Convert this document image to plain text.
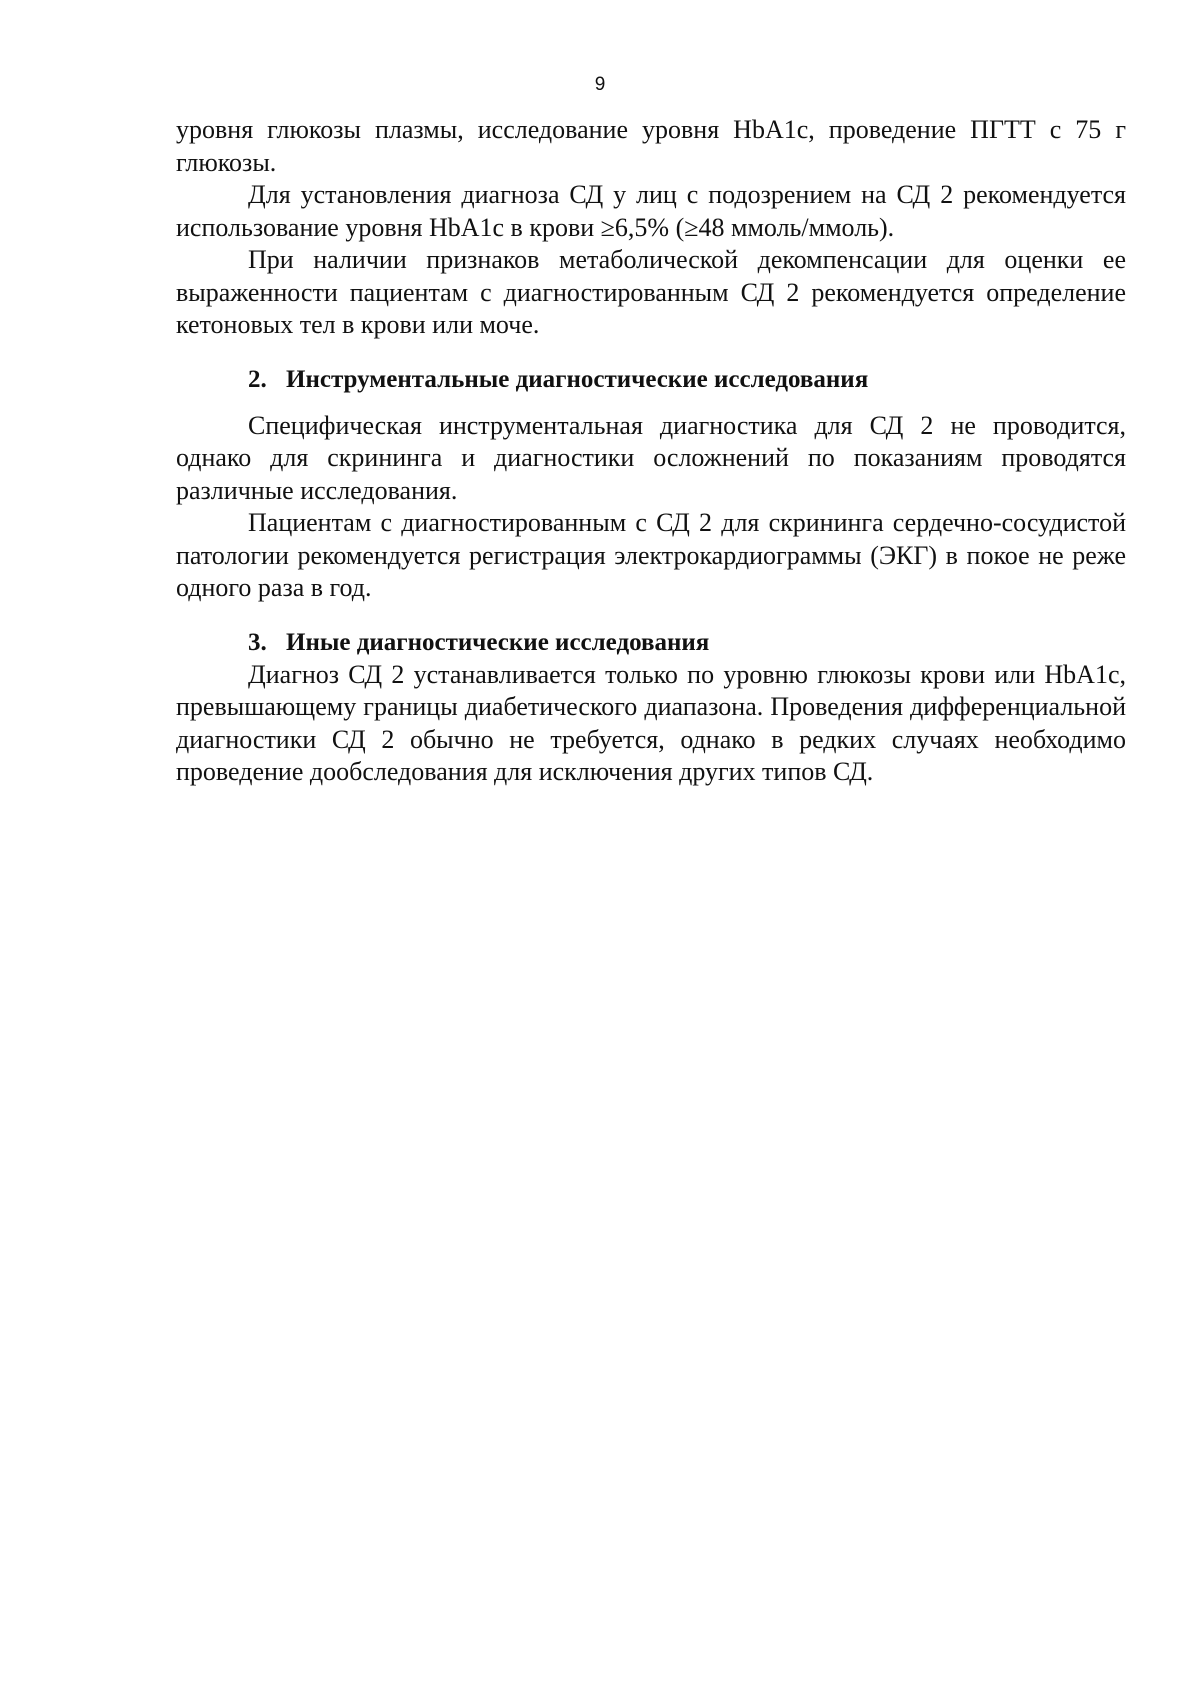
9

уровня глюкозы плазмы, исследование уровня HbA1c, проведение ПГТТ с 75 г глюкозы.

Для установления диагноза СД у лиц с подозрением на СД 2 рекомендуется использование уровня HbA1c в крови ≥6,5% (≥48 ммоль/ммоль).

При наличии признаков метаболической декомпенсации для оценки ее выраженности пациентам с диагностированным СД 2 рекомендуется определение кетоновых тел в крови или моче.

2. Инструментальные диагностические исследования

Специфическая инструментальная диагностика для СД 2 не проводится, однако для скрининга и диагностики осложнений по показаниям проводятся различные исследования.

Пациентам с диагностированным с СД 2 для скрининга сердечно-сосудистой патологии рекомендуется регистрация электрокардиограммы (ЭКГ) в покое не реже одного раза в год.

3. Иные диагностические исследования

Диагноз СД 2 устанавливается только по уровню глюкозы крови или HbA1c, превышающему границы диабетического диапазона. Проведения дифференциальной диагностики СД 2 обычно не требуется, однако в редких случаях необходимо проведение дообследования для исключения других типов СД.
